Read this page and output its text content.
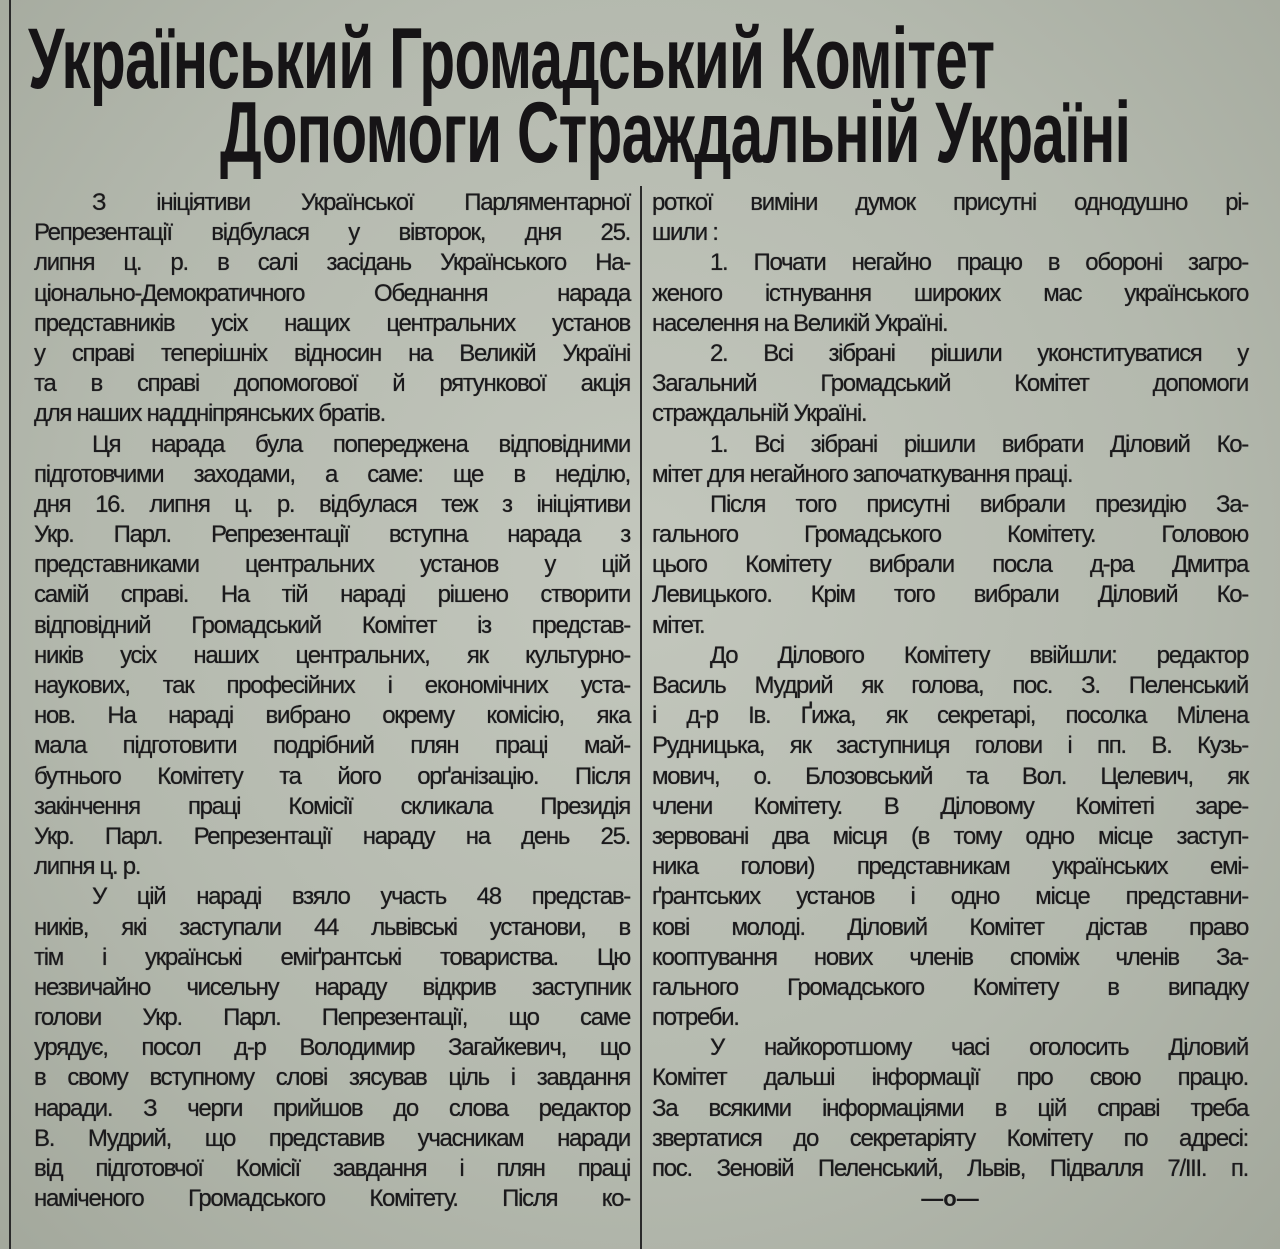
Український Громадський Комітет
Допомоги Страждальній Україні
З ініціятиви Української Парляментарної
Репрезентації відбулася у вівторок, дня 25.
липня ц. р. в салі засідань Українського На-
ціонально-Демократичного Обеднання нарада
представників усіх нащих центральних установ
у справі теперішніх відносин на Великій Україні
та в справі допомогової й рятункової акція
для наших наддніпрянських братів.
Ця нарада була попереджена відповідними
підготовчими заходами, а саме: ще в неділю,
дня 16. липня ц. р. відбулася теж з ініціятиви
Укр. Парл. Репрезентації вступна нарада з
представниками центральних установ у цій
самій справі. На тій нараді рішено створити
відповідний Громадський Комітет із представ-
ників усіх наших центральних, як культурно-
наукових, так професійних і економічних уста-
нов. На нараді вибрано окрему комісію, яка
мала підготовити подрібний плян праці май-
бутнього Комітету та його орґанізацію. Після
закінчення праці Комісії скликала Президія
Укр. Парл. Репрезентації нараду на день 25.
липня ц. р.
У цій нараді взяло участь 48 представ-
ників, які заступали 44 львівські установи, в
тім і українські еміґрантські товариства. Цю
незвичайно чисельну нараду відкрив заступник
голови Укр. Парл. Пепрезентації, що саме
урядує, посол д-р Володимир Загайкевич, що
в свому вступному слові зясував ціль і завдання
наради. З черги прийшов до слова редактор
В. Мудрий, що представив учасникам наради
від підготовчої Комісії завдання і плян праці
наміченого Громадського Комітету. Після ко-
роткої виміни думок присутні однодушно рі-
шили :
1. Почати негайно працю в обороні загро-
женого істнування широких мас українського
населення на Великій Україні.
2. Всі зібрані рішили уконституватися у
Загальний Громадський Комітет допомоги
страждальній Україні.
1. Всі зібрані рішили вибрати Діловий Ко-
мітет для негайного започаткування праці.
Після того присутні вибрали президію За-
гального Громадського Комітету. Головою
цього Комітету вибрали посла д-ра Дмитра
Левицького. Крім того вибрали Діловий Ко-
мітет.
До Ділового Комітету ввійшли: редактор
Василь Мудрий як голова, пос. З. Пеленський
і д-р Ів. Ґижа, як секретарі, посолка Мілена
Рудницька, як заступниця голови і пп. В. Кузь-
мович, о. Блозовський та Вол. Целевич, як
члени Комітету. В Діловому Комітеті заре-
зервовані два місця (в тому одно місце заступ-
ника голови) представникам українських емі-
ґрантських установ і одно місце представни-
кові молоді. Діловий Комітет дістав право
кооптування нових членів споміж членів За-
гального Громадського Комітету в випадку
потреби.
У найкоротшому часі оголосить Діловий
Комітет дальші інформації про свою працю.
За всякими інформаціями в цій справі треба
звертатися до секретаріяту Комітету по адресі:
пос. Зеновій Пеленський, Львів, Підвалля 7/III. п.
—o—
